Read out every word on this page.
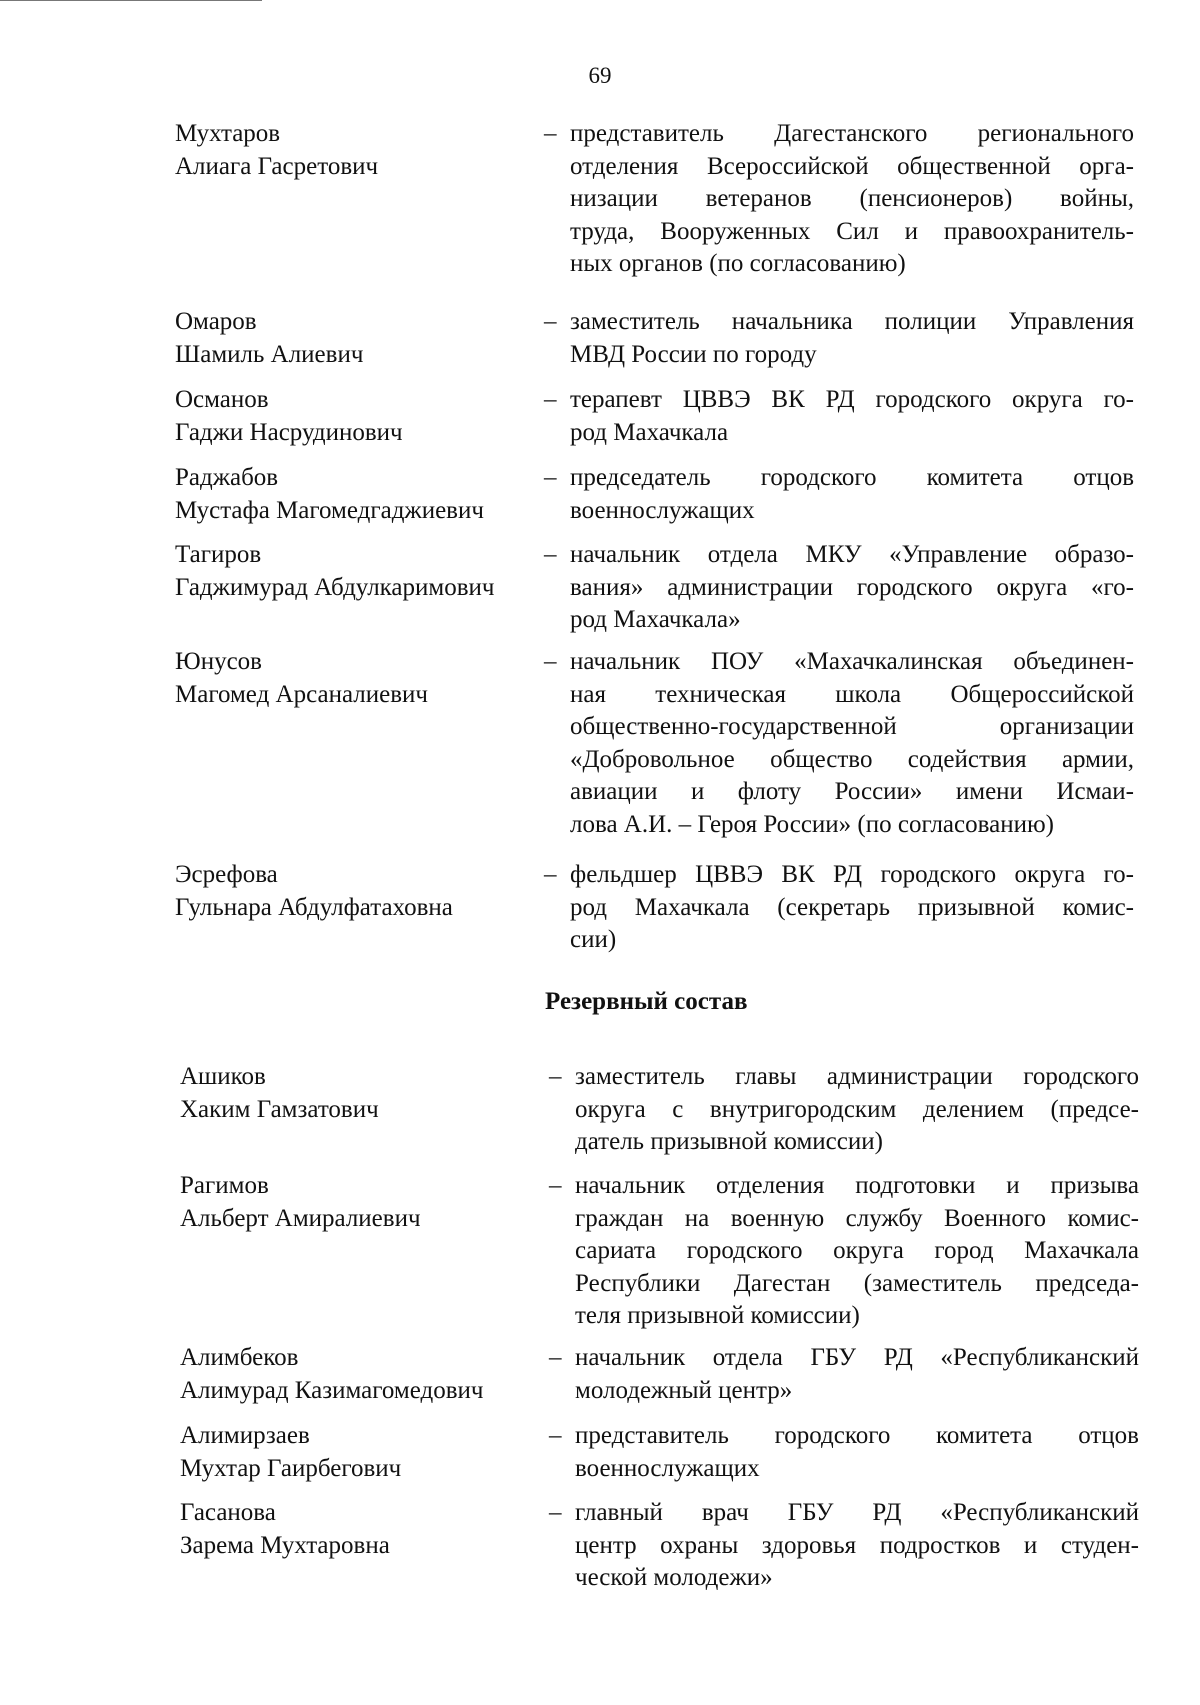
69
Мухтаров
Алиага Гасретович
– представитель Дагестанского регионального
отделения Всероссийской общественной орга-
низации ветеранов (пенсионеров) войны,
труда, Вооруженных Сил и правоохранитель-
ных органов (по согласованию)
Омаров
Шамиль Алиевич
– заместитель начальника полиции Управления
МВД России по городу
Османов
Гаджи Насрудинович
– терапевт ЦВВЭ ВК РД городского округа го-
род Махачкала
Раджабов
Мустафа Магомедгаджиевич
– председатель городского комитета отцов
военнослужащих
Тагиров
Гаджимурад Абдулкаримович
– начальник отдела МКУ «Управление образо-
вания» администрации городского округа «го-
род Махачкала»
Юнусов
Магомед Арсаналиевич
– начальник ПОУ «Махачкалинская объединен-
ная техническая школа Общероссийской
общественно-государственной организации
«Добровольное общество содействия армии,
авиации и флоту России» имени Исмаи-
лова А.И. – Героя России» (по согласованию)
Эсрефова
Гульнара Абдулфатаховна
– фельдшер ЦВВЭ ВК РД городского округа го-
род Махачкала (секретарь призывной комис-
сии)
Резервный состав
Ашиков
Хаким Гамзатович
– заместитель главы администрации городского
округа с внутригородским делением (предсе-
датель призывной комиссии)
Рагимов
Альберт Амиралиевич
– начальник отделения подготовки и призыва
граждан на военную службу Военного комис-
сариата городского округа город Махачкала
Республики Дагестан (заместитель председа-
теля призывной комиссии)
Алимбеков
Алимурад Казимагомедович
– начальник отдела ГБУ РД «Республиканский
молодежный центр»
Алимирзаев
Мухтар Гаирбегович
– представитель городского комитета отцов
военнослужащих
Гасанова
Зарема Мухтаровна
– главный врач ГБУ РД «Республиканский
центр охраны здоровья подростков и студен-
ческой молодежи»
